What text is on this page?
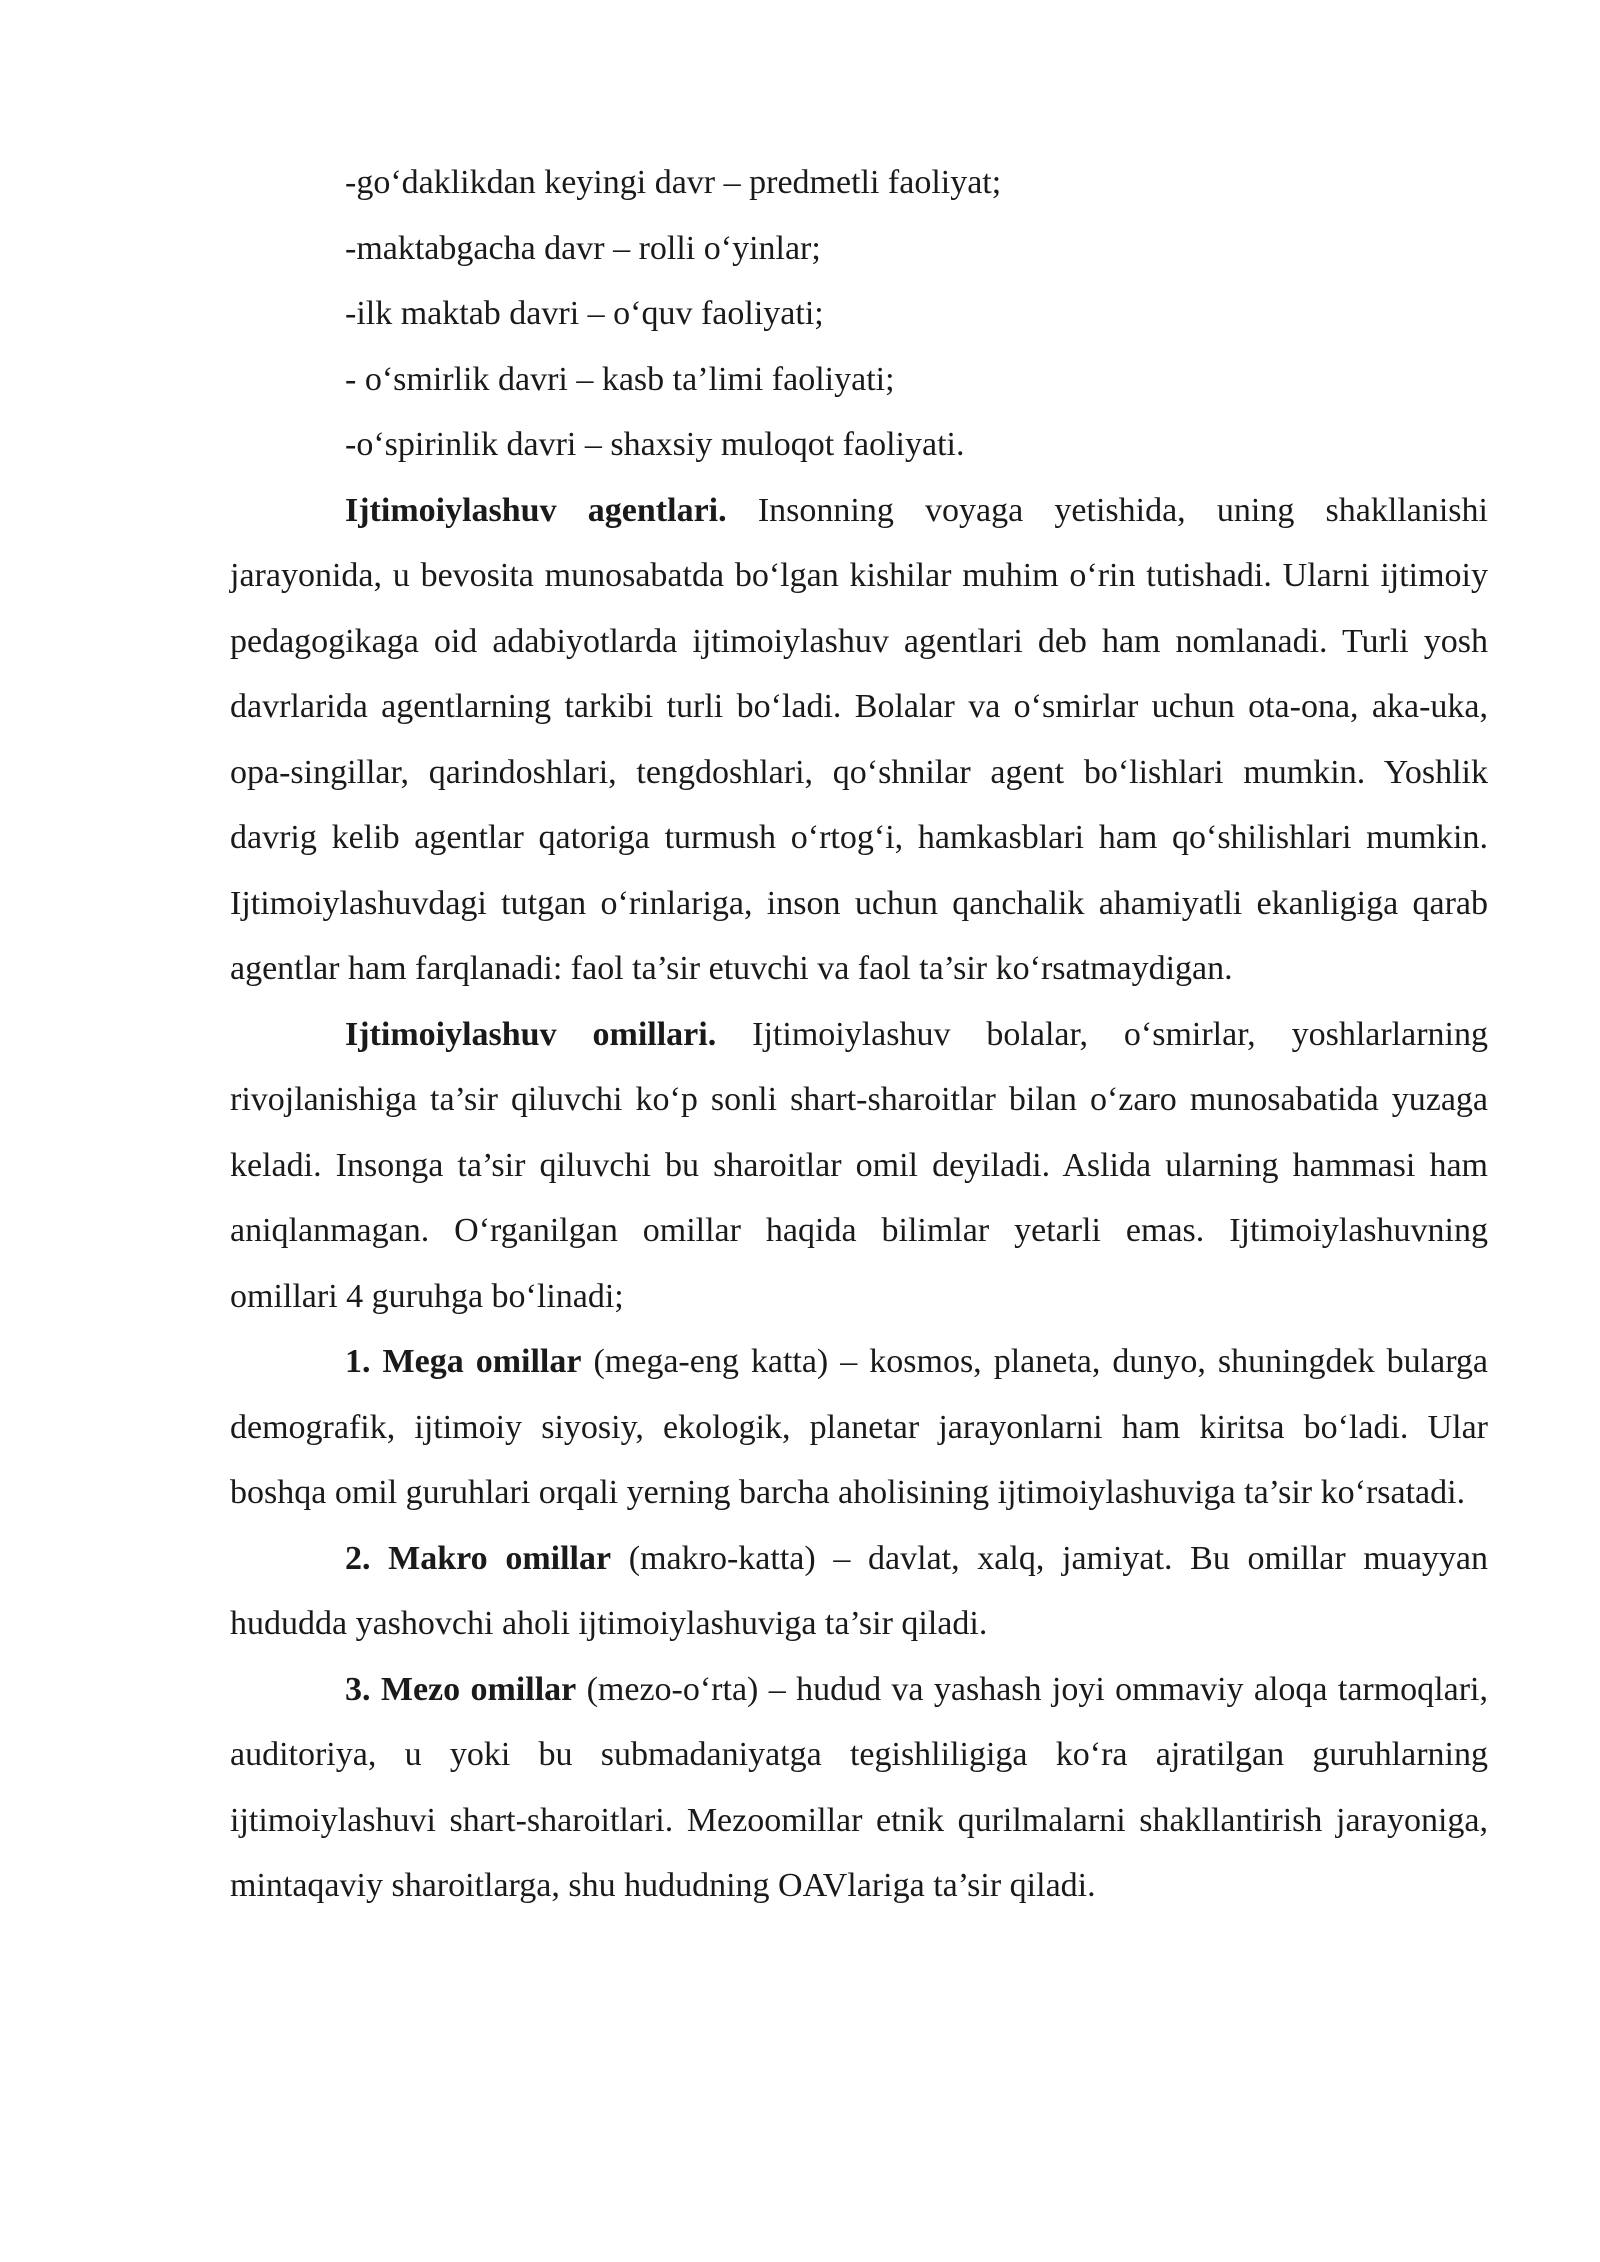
-go‘daklikdan keyingi davr – predmetli faoliyat;

-maktabgacha davr – rolli o‘yinlar;

-ilk maktab davri – o‘quv faoliyati;

- o‘smirlik davri – kasb ta’limi faoliyati;

-o‘spirinlik davri – shaxsiy muloqot faoliyati.

Ijtimoiylashuv agentlari. Insonning voyaga yetishida, uning shakllanishi jarayonida, u bevosita munosabatda bo‘lgan kishilar muhim o‘rin tutishadi. Ularni ijtimoiy pedagogikaga oid adabiyotlarda ijtimoiylashuv agentlari deb ham nomlanadi. Turli yosh davrlarida agentlarning tarkibi turli bo‘ladi. Bolalar va o‘smirlar uchun ota-ona, aka-uka, opa-singillar, qarindoshlari, tengdoshlari, qo‘shnilar agent bo‘lishlari mumkin. Yoshlik davrig kelib agentlar qatoriga turmush o‘rtog‘i, hamkasblari ham qo‘shilishlari mumkin. Ijtimoiylashuvdagi tutgan o‘rinlariga, inson uchun qanchalik ahamiyatli ekanligiga qarab agentlar ham farqlanadi: faol ta’sir etuvchi va faol ta’sir ko‘rsatmaydigan.

Ijtimoiylashuv omillari. Ijtimoiylashuv bolalar, o‘smirlar, yoshlarlarning rivojlanishiga ta’sir qiluvchi ko‘p sonli shart-sharoitlar bilan o‘zaro munosabatida yuzaga keladi. Insonga ta’sir qiluvchi bu sharoitlar omil deyiladi. Aslida ularning hammasi ham aniqlanmagan. O‘rganilgan omillar haqida bilimlar yetarli emas. Ijtimoiylashuvning omillari 4 guruhga bo‘linadi;

1. Mega omillar (mega-eng katta) – kosmos, planeta, dunyo, shuningdek bularga demografik, ijtimoiy siyosiy, ekologik, planetar jarayonlarni ham kiritsa bo‘ladi. Ular boshqa omil guruhlari orqali yerning barcha aholisining ijtimoiylashuviga ta’sir ko‘rsatadi.

2. Makro omillar (makro-katta) – davlat, xalq, jamiyat. Bu omillar muayyan hududda yashovchi aholi ijtimoiylashuviga ta’sir qiladi.

3. Mezo omillar (mezo-o‘rta) – hudud va yashash joyi ommaviy aloqa tarmoqlari, auditoriya, u yoki bu submadaniyatga tegishliligiga ko‘ra ajratilgan guruhlarning ijtimoiylashuvi shart-sharoitlari. Mezoomillar etnik qurilmalarni shakllantirish jarayoniga, mintaqaviy sharoitlarga, shu hududning OAVlariga ta’sir qiladi.
